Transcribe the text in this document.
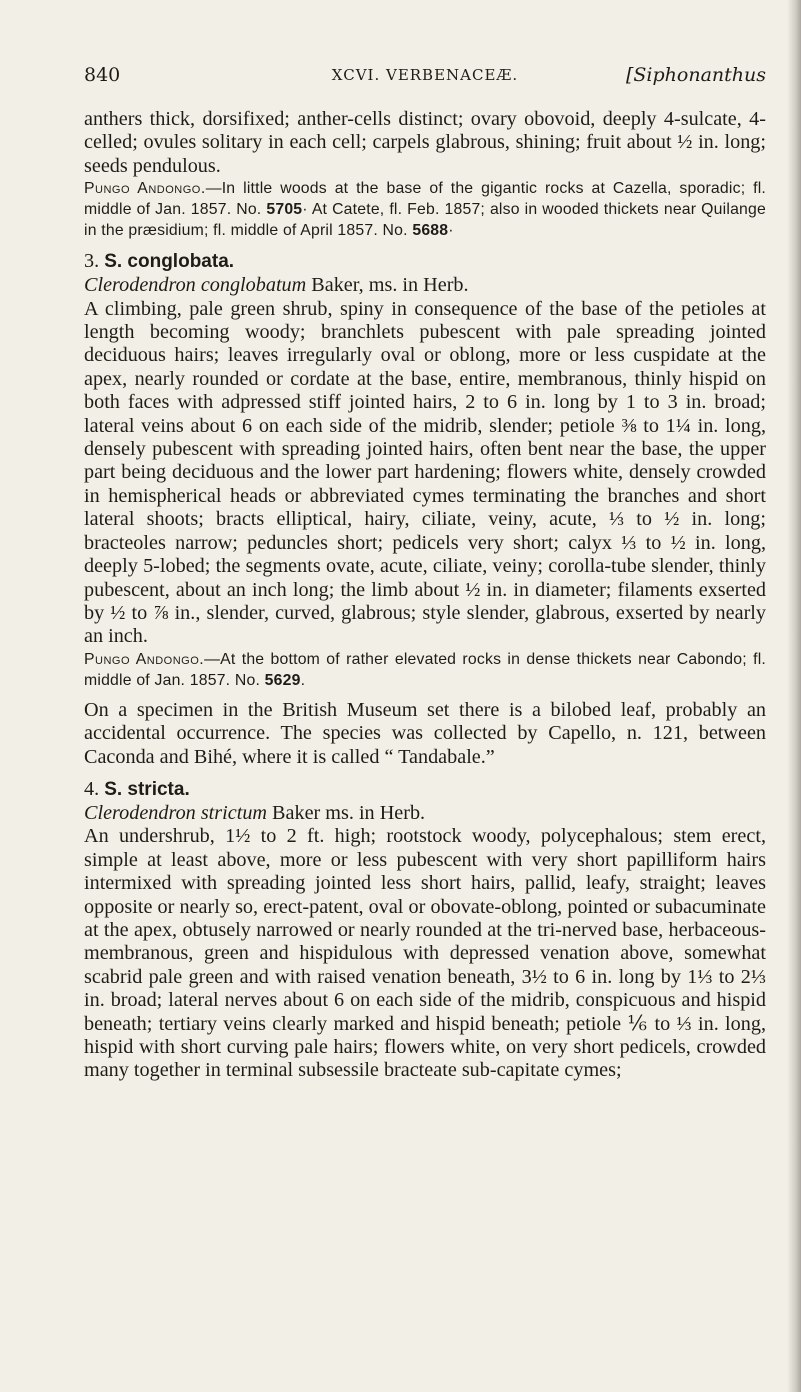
840	XCVI. VERBENACEÆ.	[Siphonanthus

anthers thick, dorsifixed; anther-cells distinct; ovary obovoid, deeply 4-sulcate, 4-celled; ovules solitary in each cell; carpels glabrous, shining; fruit about ½ in. long; seeds pendulous.

Pungo Andongo.—In little woods at the base of the gigantic rocks at Cazella, sporadic; fl. middle of Jan. 1857. No. 5705· At Catete, fl. Feb. 1857; also in wooded thickets near Quilange in the præsidium; fl. middle of April 1857. No. 5688·

3. S. conglobata.

Clerodendron conglobatum Baker, ms. in Herb.

A climbing, pale green shrub, spiny in consequence of the base of the petioles at length becoming woody; branchlets pubescent with pale spreading jointed deciduous hairs; leaves irregularly oval or oblong, more or less cuspidate at the apex, nearly rounded or cordate at the base, entire, membranous, thinly hispid on both faces with adpressed stiff jointed hairs, 2 to 6 in. long by 1 to 3 in. broad; lateral veins about 6 on each side of the midrib, slender; petiole ⅜ to 1¼ in. long, densely pubescent with spreading jointed hairs, often bent near the base, the upper part being deciduous and the lower part hardening; flowers white, densely crowded in hemispherical heads or abbreviated cymes terminating the branches and short lateral shoots; bracts elliptical, hairy, ciliate, veiny, acute, ⅓ to ½ in. long; bracteoles narrow; peduncles short; pedicels very short; calyx ⅓ to ½ in. long, deeply 5-lobed; the segments ovate, acute, ciliate, veiny; corolla-tube slender, thinly pubescent, about an inch long; the limb about ½ in. in diameter; filaments exserted by ½ to ⅞ in., slender, curved, glabrous; style slender, glabrous, exserted by nearly an inch.

Pungo Andongo.—At the bottom of rather elevated rocks in dense thickets near Cabondo; fl. middle of Jan. 1857. No. 5629.

On a specimen in the British Museum set there is a bilobed leaf, probably an accidental occurrence. The species was collected by Capello, n. 121, between Caconda and Bihé, where it is called “ Tandabale.”

4. S. stricta.

Clerodendron strictum Baker ms. in Herb.

An undershrub, 1½ to 2 ft. high; rootstock woody, polycephalous; stem erect, simple at least above, more or less pubescent with very short papilliform hairs intermixed with spreading jointed less short hairs, pallid, leafy, straight; leaves opposite or nearly so, erect-patent, oval or obovate-oblong, pointed or subacuminate at the apex, obtusely narrowed or nearly rounded at the tri-nerved base, herbaceous-membranous, green and hispidulous with depressed venation above, somewhat scabrid pale green and with raised venation beneath, 3½ to 6 in. long by 1⅓ to 2⅓ in. broad; lateral nerves about 6 on each side of the midrib, conspicuous and hispid beneath; tertiary veins clearly marked and hispid beneath; petiole ⅙ to ⅓ in. long, hispid with short curving pale hairs; flowers white, on very short pedicels, crowded many together in terminal subsessile bracteate sub-capitate cymes;
